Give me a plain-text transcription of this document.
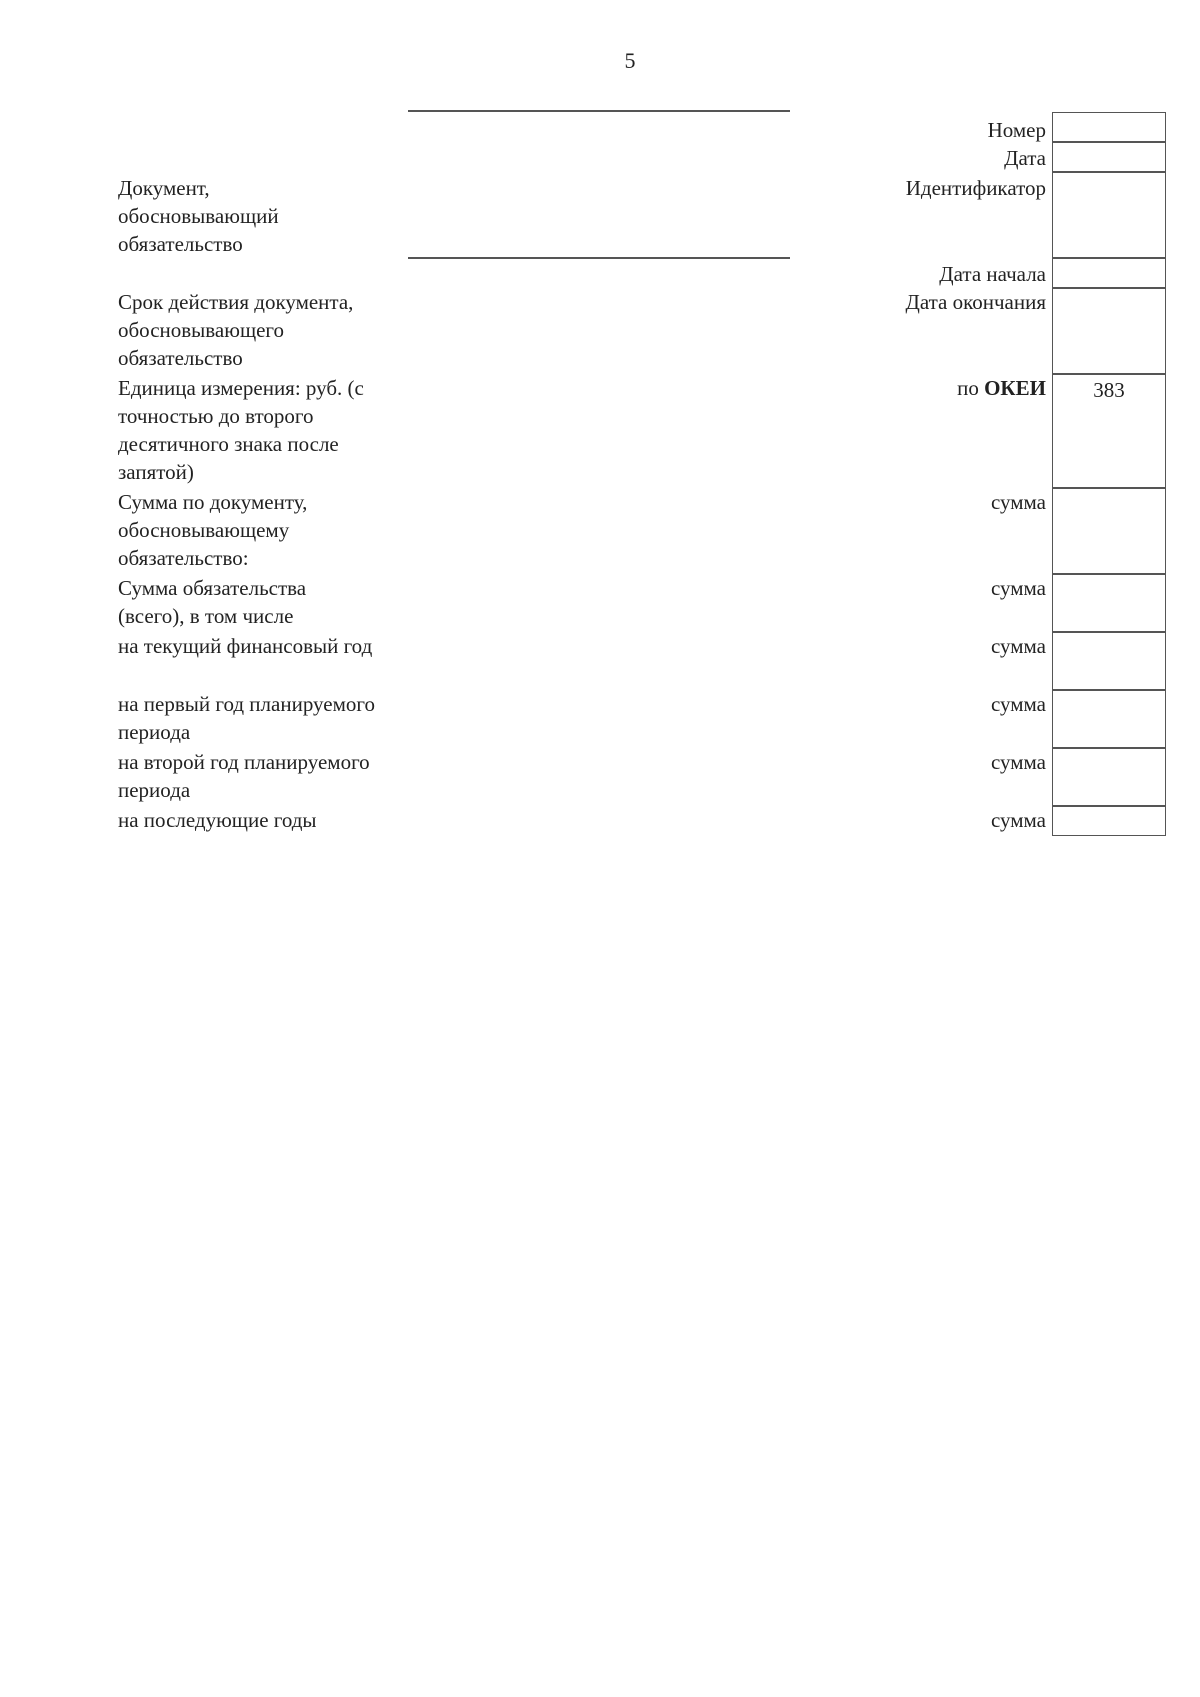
5
Документ, обосновывающий обязательство
Срок действия документа, обосновывающего обязательство
Единица измерения: руб. (с точностью до второго десятичного знака после запятой)
Сумма по документу, обосновывающему обязательство:
Сумма обязательства (всего), в том числе
на текущий финансовый год
на первый год планируемого периода
на второй год планируемого периода
на последующие годы
Номер
Дата
Идентификатор
Дата начала
Дата окончания
по ОКЕИ
сумма
сумма
сумма
сумма
сумма
сумма
383
